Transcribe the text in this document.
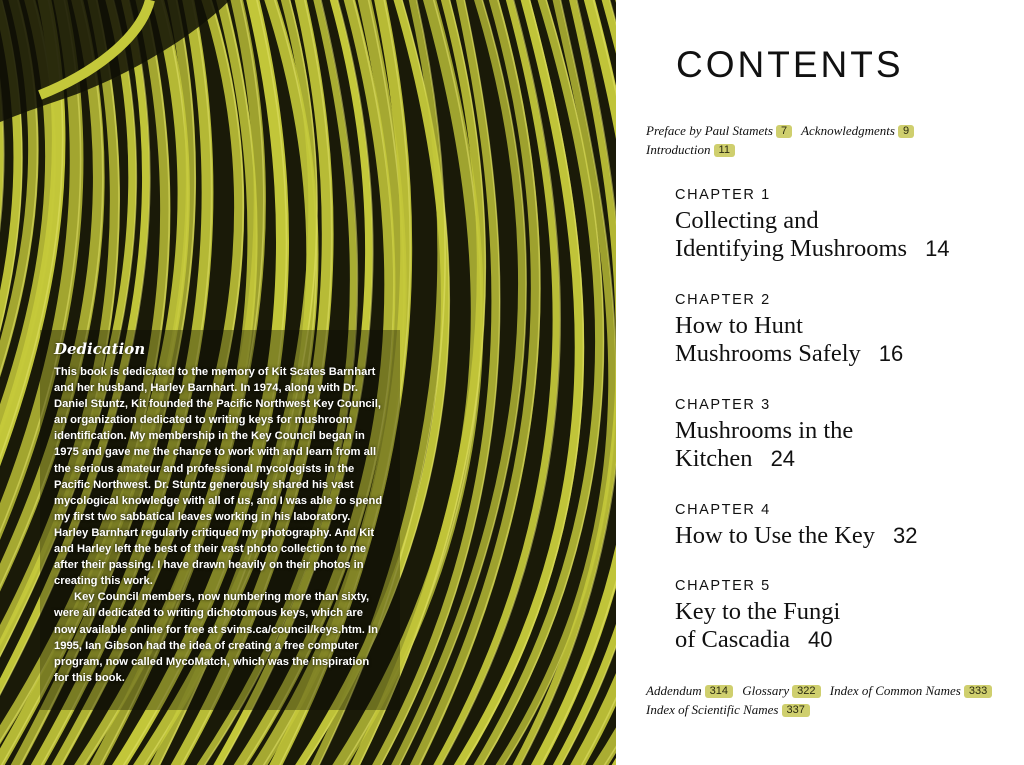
Dedication

This book is dedicated to the memory of Kit Scates Barnhart and her husband, Harley Barnhart. In 1974, along with Dr. Daniel Stuntz, Kit founded the Pacific Northwest Key Council, an organization dedicated to writing keys for mushroom identification. My membership in the Key Council began in 1975 and gave me the chance to work with and learn from all the serious amateur and professional mycologists in the Pacific Northwest. Dr. Stuntz generously shared his vast mycological knowledge with all of us, and I was able to spend my first two sabbatical leaves working in his laboratory. Harley Barnhart regularly critiqued my photography. And Kit and Harley left the best of their vast photo collection to me after their passing. I have drawn heavily on their photos in creating this work.

Key Council members, now numbering more than sixty, were all dedicated to writing dichotomous keys, which are now available online for free at svims.ca/council/keys.htm. In 1995, Ian Gibson had the idea of creating a free computer program, now called MycoMatch, which was the inspiration for this book.

CONTENTS
Preface by Paul Stamets 7 Acknowledgments 9
Introduction 11

CHAPTER 1

Collecting and
Identifying Mushrooms 14

CHAPTER 2

How to Hunt
Mushrooms Safely 16

CHAPTER 3

Mushrooms in the
Kitchen 24

CHAPTER 4

How to Use the Key 32

CHAPTER 5

Key to the Fungi
of Cascadia 40
Addendum 314 Glossary 322 Index of Common Names 333 Index of Scientific Names 337
